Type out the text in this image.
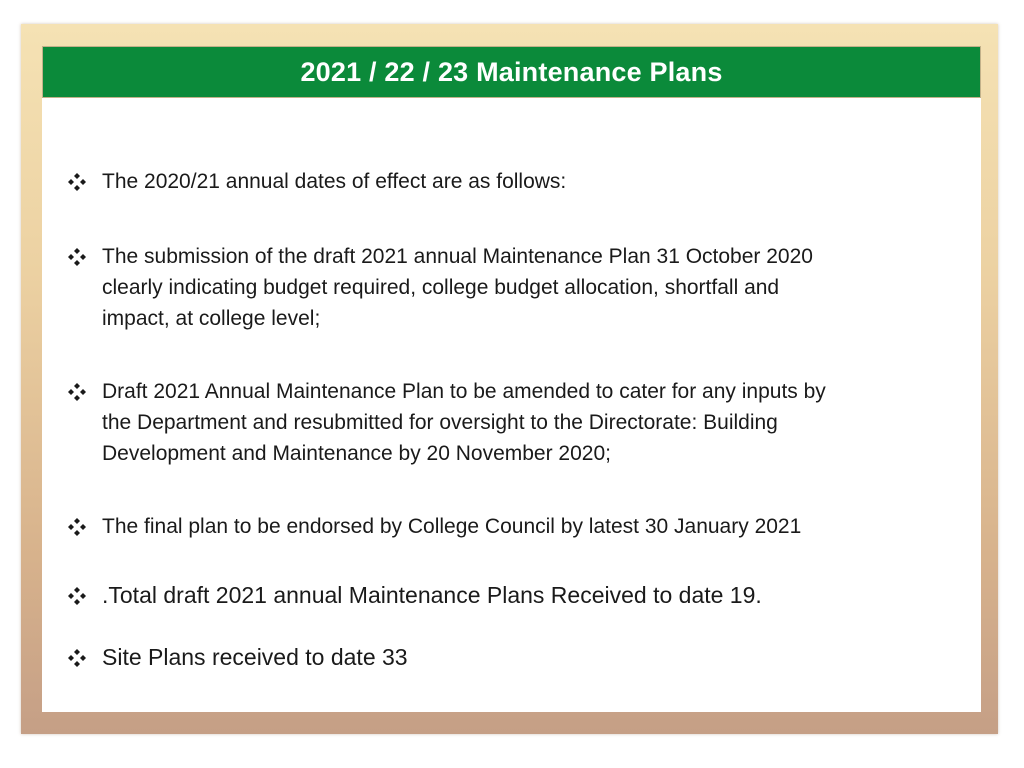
2021 / 22 / 23 Maintenance Plans
The 2020/21 annual dates of effect are as follows:
The submission of the draft 2021 annual Maintenance Plan 31 October 2020
clearly indicating budget required, college budget allocation, shortfall and
impact, at college level;
Draft 2021 Annual Maintenance Plan to be amended to cater for any inputs by
the Department and resubmitted for oversight to the Directorate: Building
Development and Maintenance by 20 November 2020;
The final plan to be endorsed by College Council by latest 30 January 2021
.Total draft 2021 annual Maintenance Plans Received to date 19.
Site Plans received to date 33
